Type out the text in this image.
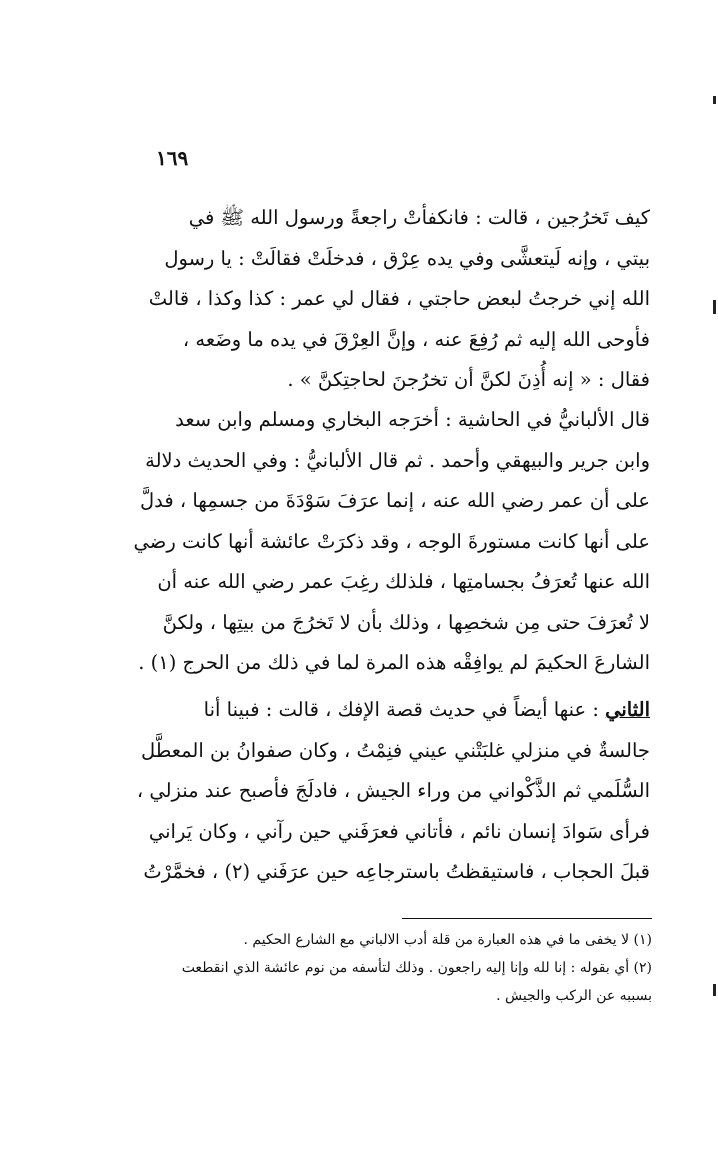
١٦٩

كيف تَخرُجين ، قالت : فانكفأتْ راجعةً ورسول الله ﷺ في
بيتي ، وإنه لَيتعشَّى وفي يده عِرْق ، فدخلَتْ فقالَتْ : يا رسول
الله إني خرجتُ لبعض حاجتي ، فقال لي عمر : كذا وكذا ، قالتْ
فأوحى الله إليه ثم رُفِعَ عنه ، وإنَّ العِرْقَ في يده ما وضَعه ،
فقال : « إنه أُذِنَ لكنَّ أن تخرُجنَ لحاجتِكنَّ » .

قال الألبانيُّ في الحاشية : أخرَجه البخاري ومسلم وابن سعد
وابن جرير والبيهقي وأحمد . ثم قال الألبانيُّ : وفي الحديث دلالة
على أن عمر رضي الله عنه ، إنما عرَفَ سَوْدَةَ من جسمِها ، فدلَّ
على أنها كانت مستورةَ الوجه ، وقد ذكرَتْ عائشة أنها كانت رضي
الله عنها تُعرَفُ بجسامتِها ، فلذلك رغِبَ عمر رضي الله عنه أن
لا تُعرَفَ حتى مِن شخصِها ، وذلك بأن لا تَخرُجَ من بيتِها ، ولكنَّ
الشارعَ الحكيمَ لم يوافِقْه هذه المرة لما في ذلك من الحرج (١) .

الثاني : عنها أيضاً في حديث قصة الإفك ، قالت : فبينا أنا
جالسةٌ في منزلي غلبَتْني عيني فنِمْتُ ، وكان صفوانُ بن المعطَّل
السُّلَمي ثم الذَّكْواني من وراء الجيش ، فادلَجَ فأصبح عند منزلي ،
فرأى سَوادَ إنسان نائم ، فأتاني فعرَفَني حين رآني ، وكان يَراني
قبلَ الحجاب ، فاستيقظتُ باسترجاعِه حين عرَفَني (٢) ، فخمَّرْتُ

(١) لا يخفى ما في هذه العبارة من قلة أدب الالباني مع الشارع الحكيم .
(٢) أي بقوله : إنا لله وإنا إليه راجعون . وذلك لتأسفه من نوم عائشة الذي انقطعت
بسببه عن الركب والجيش .
